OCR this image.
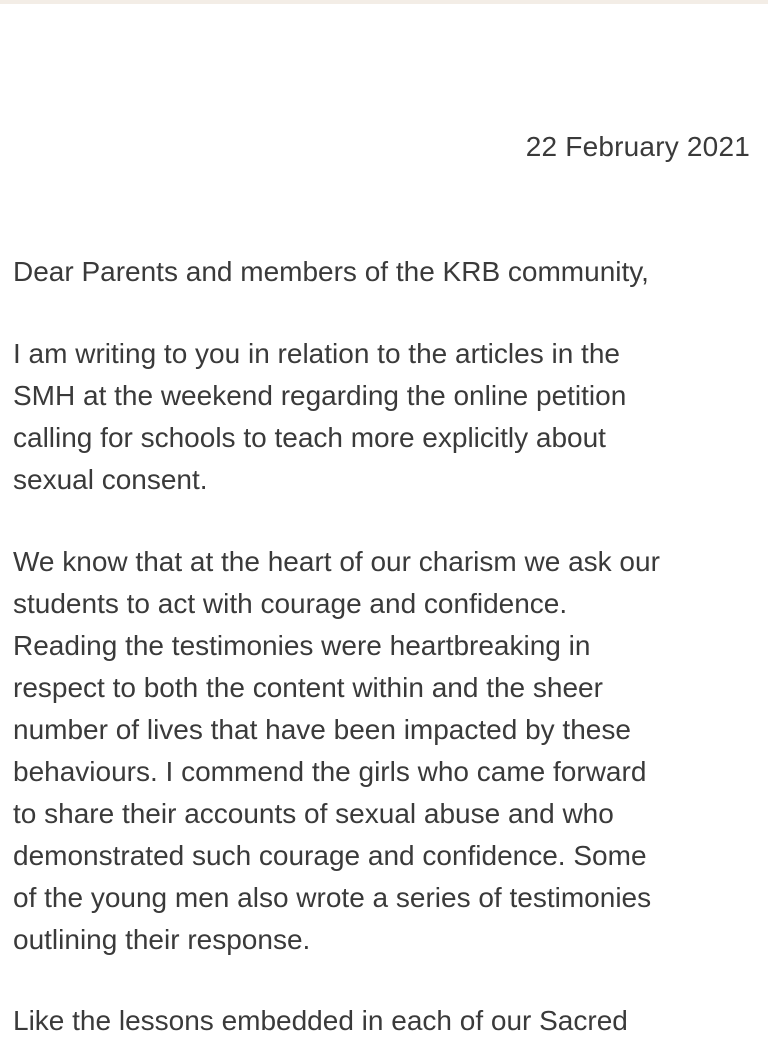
22 February 2021
Dear Parents and members of the KRB community,
I am writing to you in relation to the articles in the
SMH at the weekend regarding the online petition
calling for schools to teach more explicitly about
sexual consent.
We know that at the heart of our charism we ask our
students to act with courage and confidence.
Reading the testimonies were heartbreaking in
respect to both the content within and the sheer
number of lives that have been impacted by these
behaviours. I commend the girls who came forward
to share their accounts of sexual abuse and who
demonstrated such courage and confidence. Some
of the young men also wrote a series of testimonies
outlining their response.
Like the lessons embedded in each of our Sacred
